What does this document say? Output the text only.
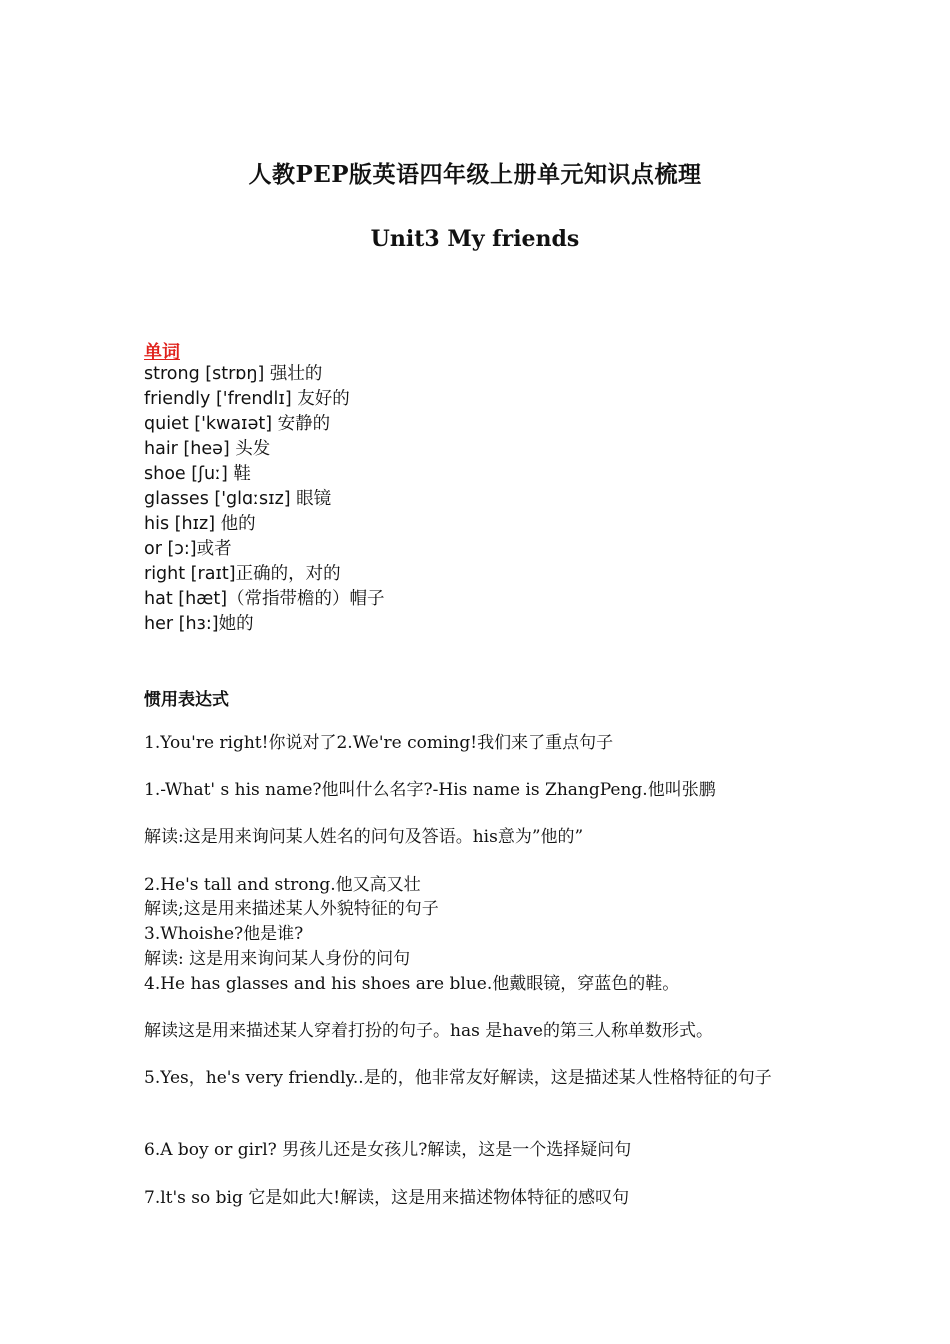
人教PEP版英语四年级上册单元知识点梳理
Unit3 My friends
单词
strong [strɒŋ] 强壮的
friendly ['frendlɪ] 友好的
quiet ['kwaɪət] 安静的
hair [heə] 头发
shoe [ʃuː] 鞋
glasses ['glɑːsɪz] 眼镜
his [hɪz] 他的
or [ɔ:]或者
right [raɪt]正确的，对的
hat [hæt]（常指带檐的）帽子
her [hɜ:]她的
惯用表达式
1.You're right!你说对了2.We're coming!我们来了重点句子
1.-What' s his name?他叫什么名字?-His name is ZhangPeng.他叫张鹏
解读:这是用来询问某人姓名的问句及答语。his意为”他的”
2.He's tall and strong.他又高又壮
解读;这是用来描述某人外貌特征的句子
3.Whoishe?他是谁?
解读: 这是用来询问某人身份的问句
4.He has glasses and his shoes are blue.他戴眼镜，穿蓝色的鞋。
解读这是用来描述某人穿着打扮的句子。has 是have的第三人称单数形式。
5.Yes，he's very friendly..是的，他非常友好解读，这是描述某人性格特征的句子
6.A boy or girl? 男孩儿还是女孩儿?解读，这是一个选择疑问句
7.lt's so big 它是如此大!解读，这是用来描述物体特征的感叹句
